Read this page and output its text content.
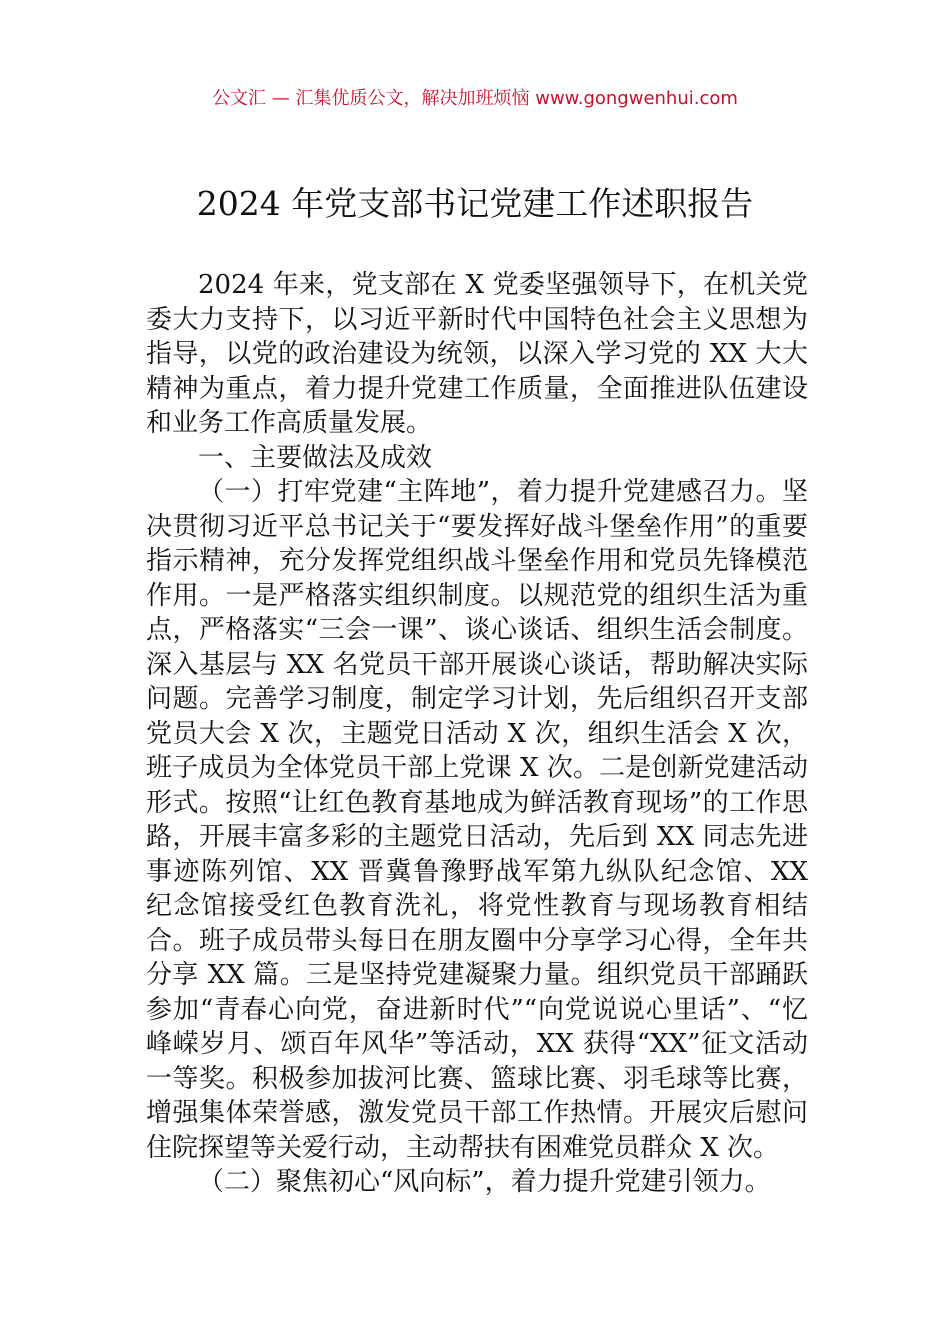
公文汇 — 汇集优质公文，解决加班烦恼 www.gongwenhui.com
2024 年党支部书记党建工作述职报告

2024 年来，党支部在 X 党委坚强领导下，在机关党委大力支持下，以习近平新时代中国特色社会主义思想为指导，以党的政治建设为统领，以深入学习党的 XX 大大精神为重点，着力提升党建工作质量，全面推进队伍建设和业务工作高质量发展。

一、主要做法及成效

（一）打牢党建“主阵地”，着力提升党建感召力。坚决贯彻习近平总书记关于“要发挥好战斗堡垒作用”的重要指示精神，充分发挥党组织战斗堡垒作用和党员先锋模范作用。一是严格落实组织制度。以规范党的组织生活为重点，严格落实“三会一课”、谈心谈话、组织生活会制度。深入基层与 XX 名党员干部开展谈心谈话，帮助解决实际问题。完善学习制度，制定学习计划，先后组织召开支部党员大会 X 次，主题党日活动 X 次，组织生活会 X 次，班子成员为全体党员干部上党课 X 次。二是创新党建活动形式。按照“让红色教育基地成为鲜活教育现场”的工作思路，开展丰富多彩的主题党日活动，先后到 XX 同志先进事迹陈列馆、XX 晋冀鲁豫野战军第九纵队纪念馆、XX 纪念馆接受红色教育洗礼，将党性教育与现场教育相结合。班子成员带头每日在朋友圈中分享学习心得，全年共分享 XX 篇。三是坚持党建凝聚力量。组织党员干部踊跃参加“青春心向党，奋进新时代”“向党说说心里话”、“忆峰嵘岁月、颂百年风华”等活动，XX 获得“XX”征文活动一等奖。积极参加拔河比赛、篮球比赛、羽毛球等比赛，增强集体荣誉感，激发党员干部工作热情。开展灾后慰问住院探望等关爱行动，主动帮扶有困难党员群众 X 次。

（二）聚焦初心“风向标”，着力提升党建引领力。
